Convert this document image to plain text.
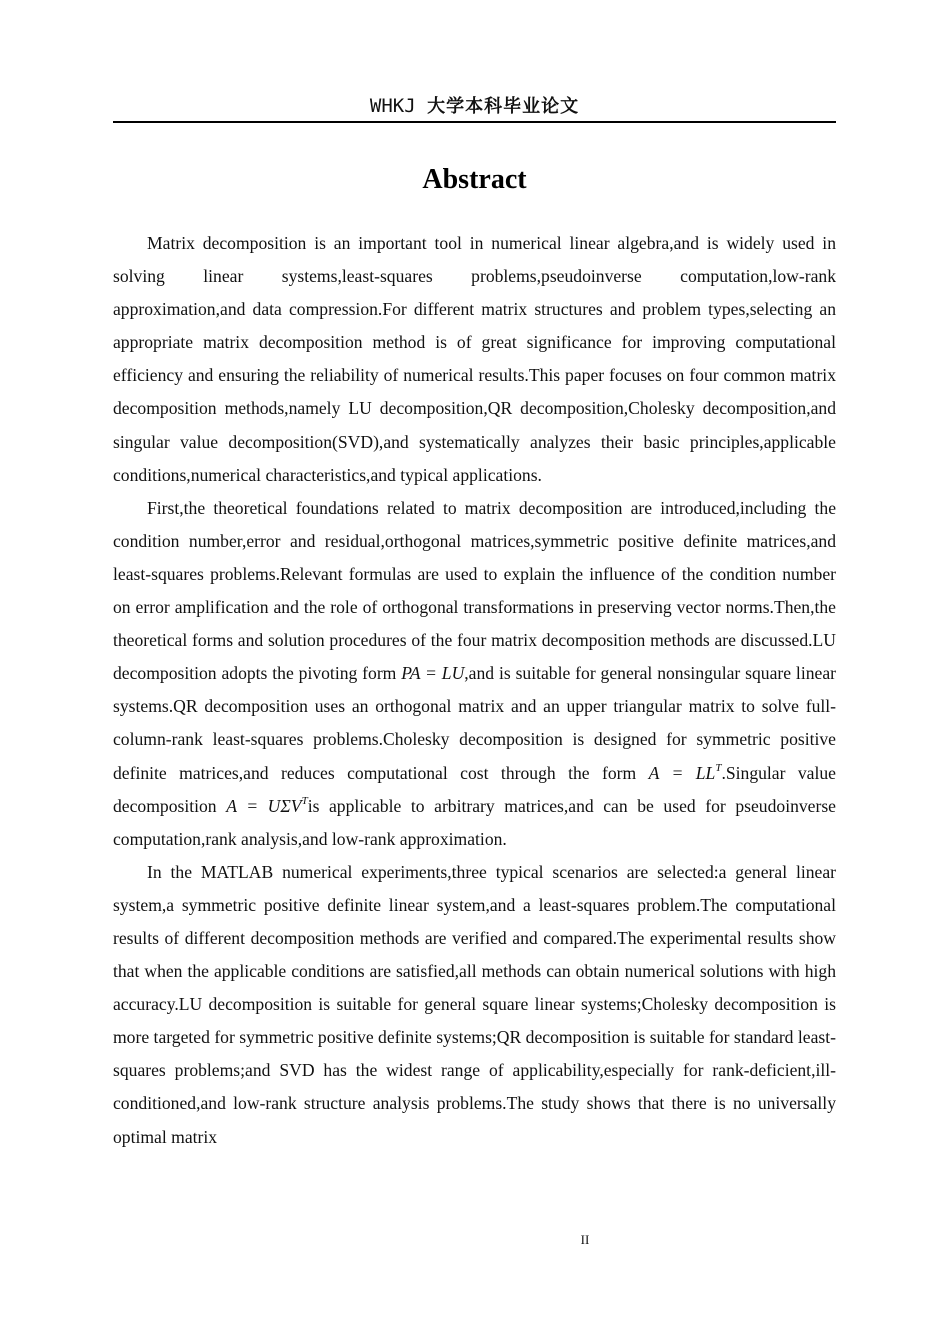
WHKJ 大学本科毕业论文
Abstract

Matrix decomposition is an important tool in numerical linear algebra,and is widely used in solving linear systems,least-squares problems,pseudoinverse computation,low-rank approximation,and data compression.For different matrix structures and problem types,selecting an appropriate matrix decomposition method is of great significance for improving computational efficiency and ensuring the reliability of numerical results.This paper focuses on four common matrix decomposition methods,namely LU decomposition,QR decomposition,Cholesky decomposition,and singular value decomposition(SVD),and systematically analyzes their basic principles,applicable conditions,numerical characteristics,and typical applications.

First,the theoretical foundations related to matrix decomposition are introduced,including the condition number,error and residual,orthogonal matrices,symmetric positive definite matrices,and least-squares problems.Relevant formulas are used to explain the influence of the condition number on error amplification and the role of orthogonal transformations in preserving vector norms.Then,the theoretical forms and solution procedures of the four matrix decomposition methods are discussed.LU decomposition adopts the pivoting form PA = LU,and is suitable for general nonsingular square linear systems.QR decomposition uses an orthogonal matrix and an upper triangular matrix to solve full-column-rank least-squares problems.Cholesky decomposition is designed for symmetric positive definite matrices,and reduces computational cost through the form $A = LL^T.Singular$ value decomposition $A = U\Sigma V^Tis$ applicable to arbitrary matrices,and can be used for pseudoinverse computation,rank analysis,and low-rank approximation.

In the MATLAB numerical experiments,three typical scenarios are selected:a general linear system,a symmetric positive definite linear system,and a least-squares problem.The computational results of different decomposition methods are verified and compared.The experimental results show that when the applicable conditions are satisfied,all methods can obtain numerical solutions with high accuracy.LU decomposition is suitable for general square linear systems;Cholesky decomposition is more targeted for symmetric positive definite systems;QR decomposition is suitable for standard least-squares problems;and SVD has the widest range of applicability,especially for rank-deficient,ill-conditioned,and low-rank structure analysis problems.The study shows that there is no universally optimal matrix

II
